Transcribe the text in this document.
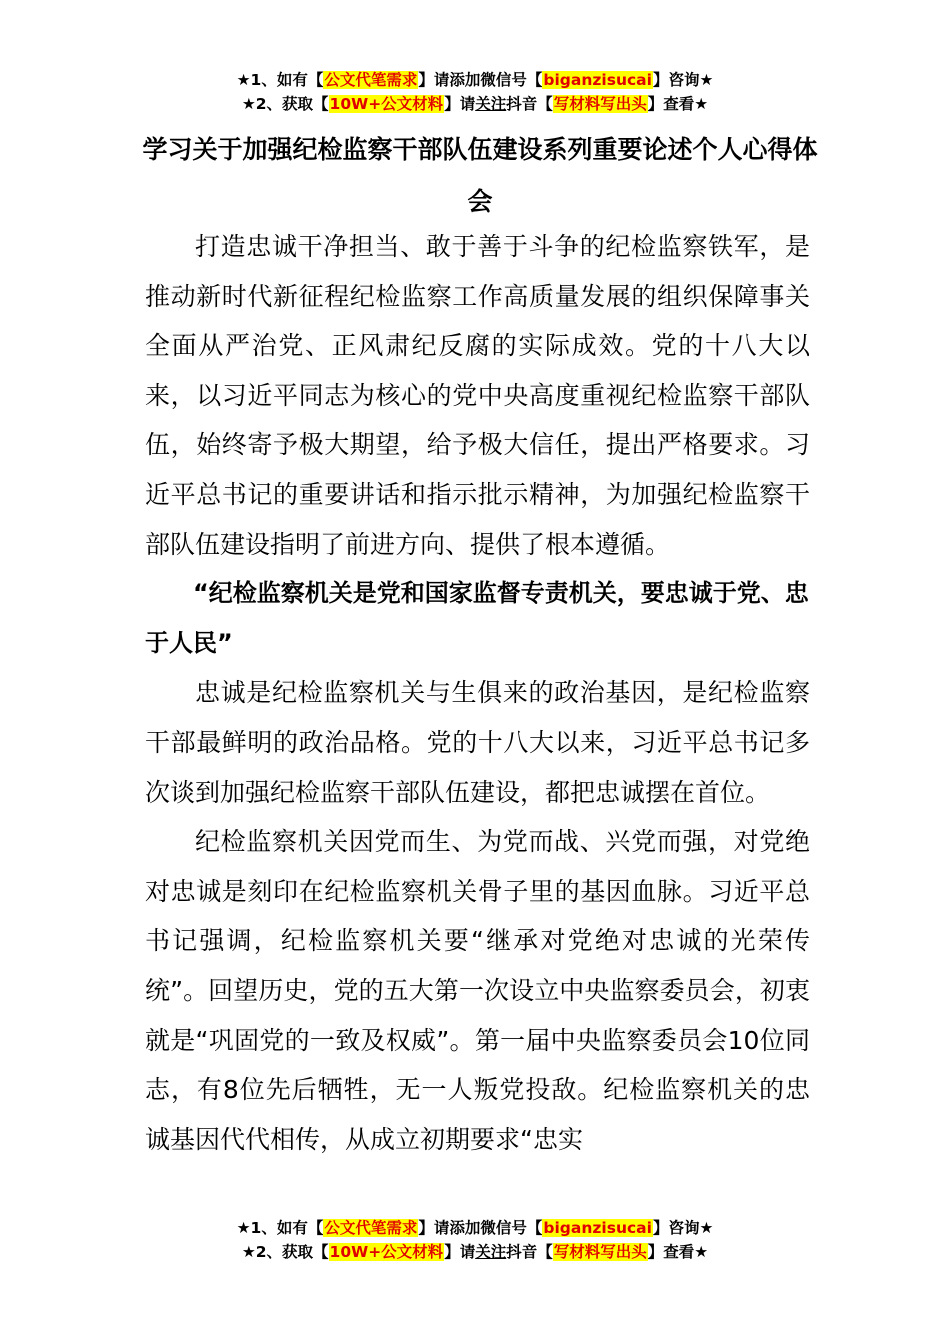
★1、如有【公文代笔需求】请添加微信号【biganzisucai】咨询★
★2、获取【10W+公文材料】请关注抖音【写材料写出头】查看★
学习关于加强纪检监察干部队伍建设系列重要论述个人心得体会

打造忠诚干净担当、敢于善于斗争的纪检监察铁军，是推动新时代新征程纪检监察工作高质量发展的组织保障事关全面从严治党、正风肃纪反腐的实际成效。党的十八大以来，以习近平同志为核心的党中央高度重视纪检监察干部队伍，始终寄予极大期望，给予极大信任，提出严格要求。习近平总书记的重要讲话和指示批示精神，为加强纪检监察干部队伍建设指明了前进方向、提供了根本遵循。

“纪检监察机关是党和国家监督专责机关，要忠诚于党、忠于人民”

忠诚是纪检监察机关与生俱来的政治基因，是纪检监察干部最鲜明的政治品格。党的十八大以来，习近平总书记多次谈到加强纪检监察干部队伍建设，都把忠诚摆在首位。

纪检监察机关因党而生、为党而战、兴党而强，对党绝对忠诚是刻印在纪检监察机关骨子里的基因血脉。习近平总书记强调，纪检监察机关要“继承对党绝对忠诚的光荣传统”。回望历史，党的五大第一次设立中央监察委员会，初衷就是“巩固党的一致及权威”。第一届中央监察委员会10位同志，有8位先后牺牲，无一人叛党投敌。纪检监察机关的忠诚基因代代相传，从成立初期要求“忠实

★1、如有【公文代笔需求】请添加微信号【biganzisucai】咨询★
★2、获取【10W+公文材料】请关注抖音【写材料写出头】查看★
